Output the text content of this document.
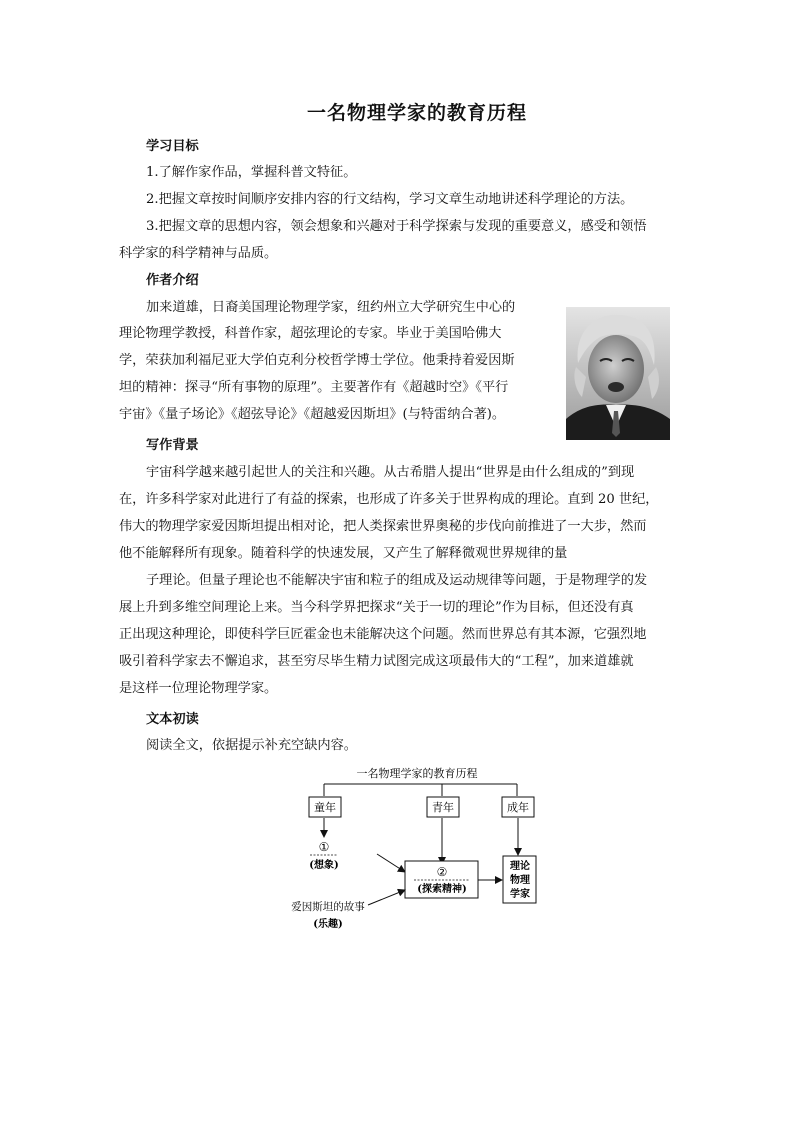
一名物理学家的教育历程
学习目标
1.了解作家作品，掌握科普文特征。
2.把握文章按时间顺序安排内容的行文结构，学习文章生动地讲述科学理论的方法。
3.把握文章的思想内容，领会想象和兴趣对于科学探索与发现的重要意义，感受和领悟
科学家的科学精神与品质。
作者介绍
加来道雄，日裔美国理论物理学家，纽约州立大学研究生中心的
理论物理学教授，科普作家，超弦理论的专家。毕业于美国哈佛大
学，荣获加利福尼亚大学伯克利分校哲学博士学位。他秉持着爱因斯
坦的精神：探寻“所有事物的原理”。主要著作有《超越时空》《平行
宇宙》《量子场论》《超弦导论》《超越爱因斯坦》(与特雷纳合著)。
写作背景
宇宙科学越来越引起世人的关注和兴趣。从古希腊人提出“世界是由什么组成的”到现
在，许多科学家对此进行了有益的探索，也形成了许多关于世界构成的理论。直到 20 世纪，
伟大的物理学家爱因斯坦提出相对论，把人类探索世界奥秘的步伐向前推进了一大步，然而
他不能解释所有现象。随着科学的快速发展，又产生了解释微观世界规律的量
子理论。但量子理论也不能解决宇宙和粒子的组成及运动规律等问题，于是物理学的发
展上升到多维空间理论上来。当今科学界把探求“关于一切的理论”作为目标，但还没有真
正出现这种理论，即使科学巨匠霍金也未能解决这个问题。然而世界总有其本源，它强烈地
吸引着科学家去不懈追求，甚至穷尽毕生精力试图完成这项最伟大的“工程”，加来道雄就
是这样一位理论物理学家。
文本初读
阅读全文，依据提示补充空缺内容。
一名物理学家的教育历程
童年	青年	成年
①
(想象)	②
(探索精神)
理论
物理
学家
爱因斯坦的故事
(乐趣)
